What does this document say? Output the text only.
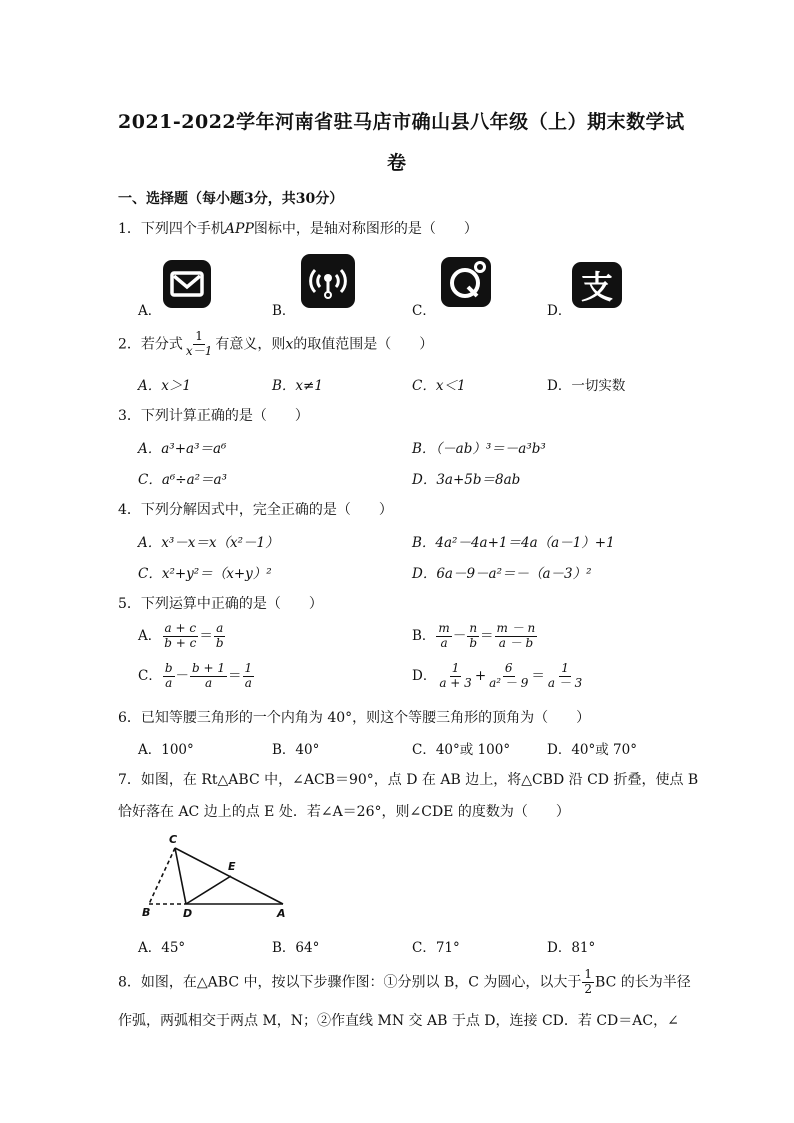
2021-2022学年河南省驻马店市确山县八年级（上）期末数学试
卷
一、选择题（每小题3分，共30分）
1．下列四个手机APP图标中，是轴对称图形的是（　　）
A．	B．	C．	D．
支
2．若分式 $\frac{1}{x-1}$ 有意义，则x的取值范围是（　　）
A．x＞1	B．x≠1	C．x＜1	D．一切实数
3．下列计算正确的是（　　）
A．a³+a³＝a⁶	B．（－ab）³＝－a³b³
C．a⁶÷a²＝a³	D．3a+5b＝8ab
4．下列分解因式中，完全正确的是（　　）
A．x³－x＝x（x²－1）	B．4a²－4a+1＝4a（a－1）+1
C．x²+y²＝（x+y）²	D．6a－9－a²＝－（a－3）²
5．下列运算中正确的是（　　）
A． $\frac{a + c}{b + c} = \frac{a}{b}$	B． $\frac{m}{a} - \frac{n}{b} = \frac{m - n}{a - b}$
C． $\frac{b}{a} - \frac{b + 1}{a} = \frac{1}{a}$	D． $\frac{1}{a + 3} + \frac{6}{\text{a² － 9}} = \frac{1}{a - 3}$
6．已知等腰三角形的一个内角为 40°，则这个等腰三角形的顶角为（　　）
A．100°	B．40°	C．40°或 100°	D．40°或 70°
7．如图，在 Rt△ABC 中，∠ACB＝90°，点 D 在 AB 边上，将△CBD 沿 CD 折叠，使点 B
恰好落在 AC 边上的点 E 处．若∠A＝26°，则∠CDE 的度数为（　　）
C
E
B	D	A
A．45°	B．64°	C．71°	D．81°
8．如图，在△ABC 中，按以下步骤作图：①分别以 B，C 为圆心，以大于 $\frac{1}{2}$ BC 的长为半径
作弧，两弧相交于两点 M，N；②作直线 MN 交 AB 于点 D，连接 CD．若 CD＝AC，∠
